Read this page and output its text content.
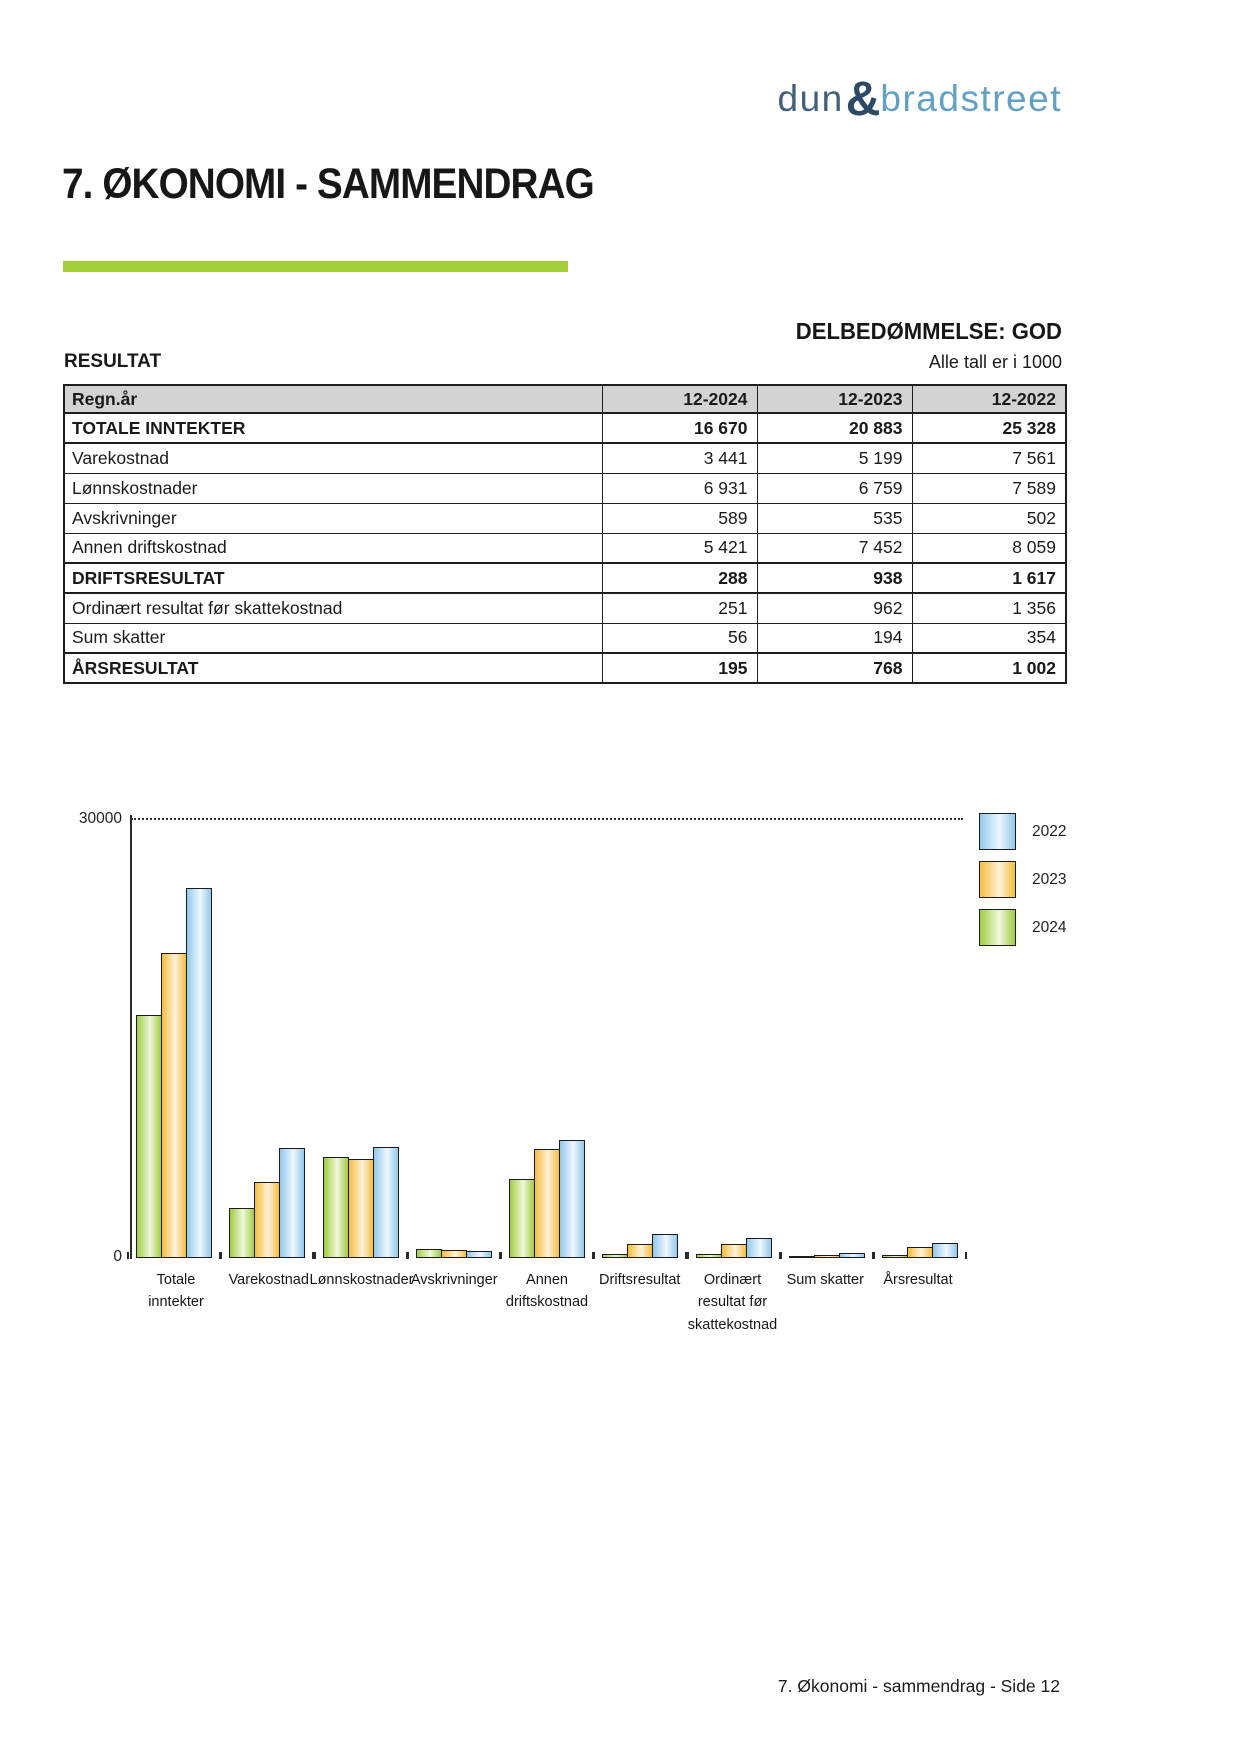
dun&bradstreet
7. ØKONOMI - SAMMENDRAG
DELBEDØMMELSE: GOD
RESULTAT	Alle tall er i 1000
Regn.år	12-2024	12-2023	12-2022
TOTALE INNTEKTER	16 670	20 883	25 328
Varekostnad	3 441	5 199	7 561
Lønnskostnader	6 931	6 759	7 589
Avskrivninger	589	535	502
Annen driftskostnad	5 421	7 452	8 059
DRIFTSRESULTAT	288	938	1 617
Ordinært resultat før skattekostnad	251	962	1 356
Sum skatter	56	194	354
ÅRSRESULTAT	195	768	1 002
30000
0
Totale
inntekter
Varekostnad Lønnskostnader
Avskrivninger Annen
driftskostnad
Driftsresultat Ordinært
resultat før
skattekostnad
Sum skatter Årsresultat
2022
2023
2024
7. Økonomi - sammendrag - Side 12
